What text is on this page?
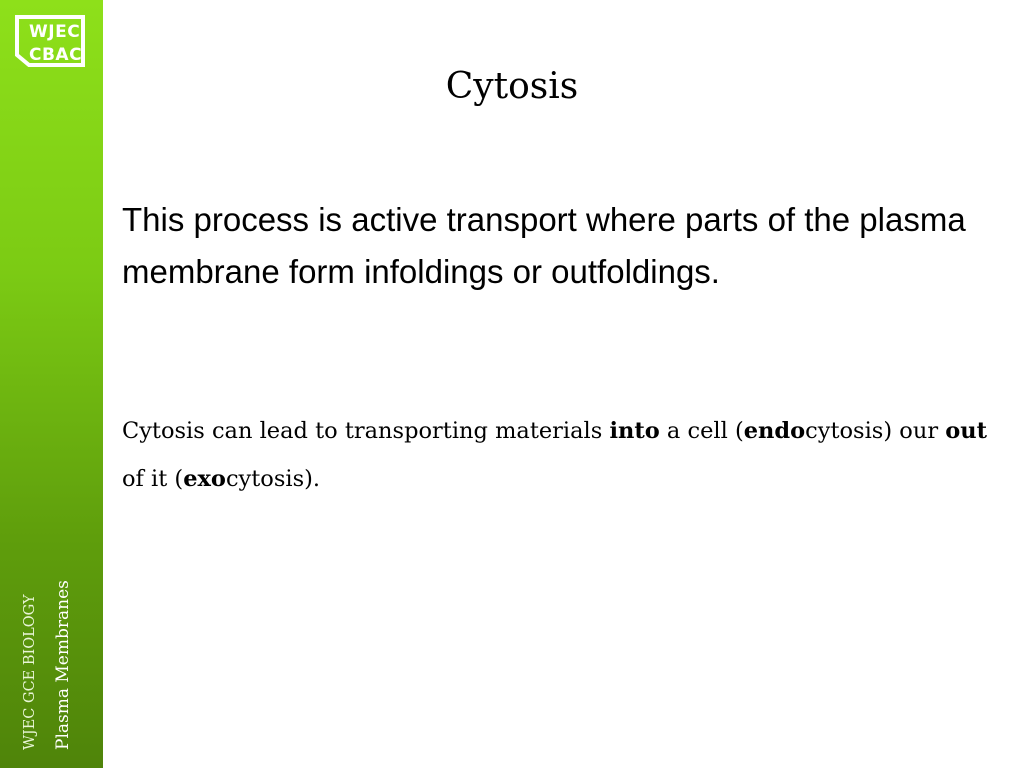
WJEC
CBAC
WJEC GCE BIOLOGY Plasma Membranes
Cytosis

This process is active transport where parts of the plasma membrane form infoldings or outfoldings.

Cytosis can lead to transporting materials into a cell (endocytosis) our out of it (exocytosis).
